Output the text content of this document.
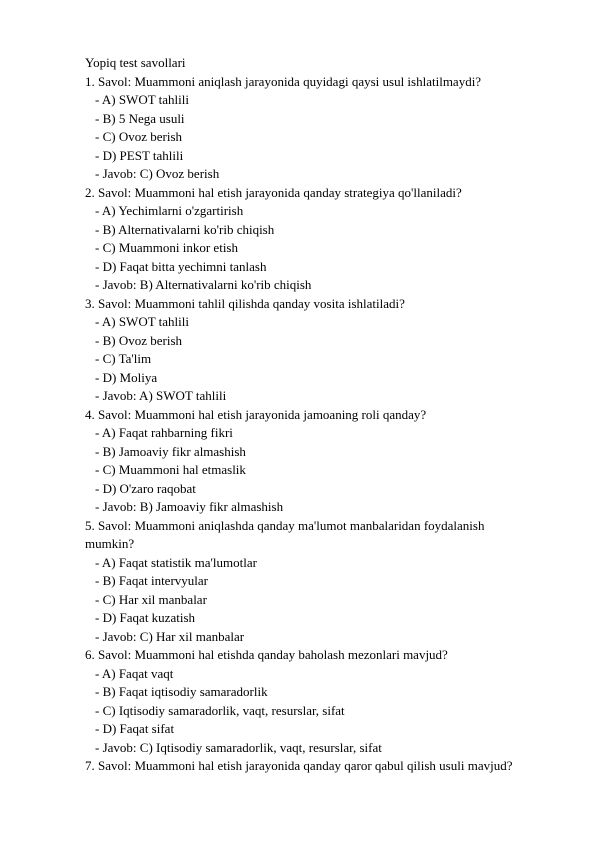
Yopiq test savollari

1. Savol: Muammoni aniqlash jarayonida quyidagi qaysi usul ishlatilmaydi?

- A) SWOT tahlili

- B) 5 Nega usuli

- C) Ovoz berish

- D) PEST tahlili

- Javob: C) Ovoz berish

2. Savol: Muammoni hal etish jarayonida qanday strategiya qo'llaniladi?

- A) Yechimlarni o'zgartirish

- B) Alternativalarni ko'rib chiqish

- C) Muammoni inkor etish

- D) Faqat bitta yechimni tanlash

- Javob: B) Alternativalarni ko'rib chiqish

3. Savol: Muammoni tahlil qilishda qanday vosita ishlatiladi?

- A) SWOT tahlili

- B) Ovoz berish

- C) Ta'lim

- D) Moliya

- Javob: A) SWOT tahlili

4. Savol: Muammoni hal etish jarayonida jamoaning roli qanday?

- A) Faqat rahbarning fikri

- B) Jamoaviy fikr almashish

- C) Muammoni hal etmaslik

- D) O'zaro raqobat

- Javob: B) Jamoaviy fikr almashish

5. Savol: Muammoni aniqlashda qanday ma'lumot manbalaridan foydalanish mumkin?

- A) Faqat statistik ma'lumotlar

- B) Faqat intervyular

- C) Har xil manbalar

- D) Faqat kuzatish

- Javob: C) Har xil manbalar

6. Savol: Muammoni hal etishda qanday baholash mezonlari mavjud?

- A) Faqat vaqt

- B) Faqat iqtisodiy samaradorlik

- C) Iqtisodiy samaradorlik, vaqt, resurslar, sifat

- D) Faqat sifat

- Javob: C) Iqtisodiy samaradorlik, vaqt, resurslar, sifat

7. Savol: Muammoni hal etish jarayonida qanday qaror qabul qilish usuli mavjud?
